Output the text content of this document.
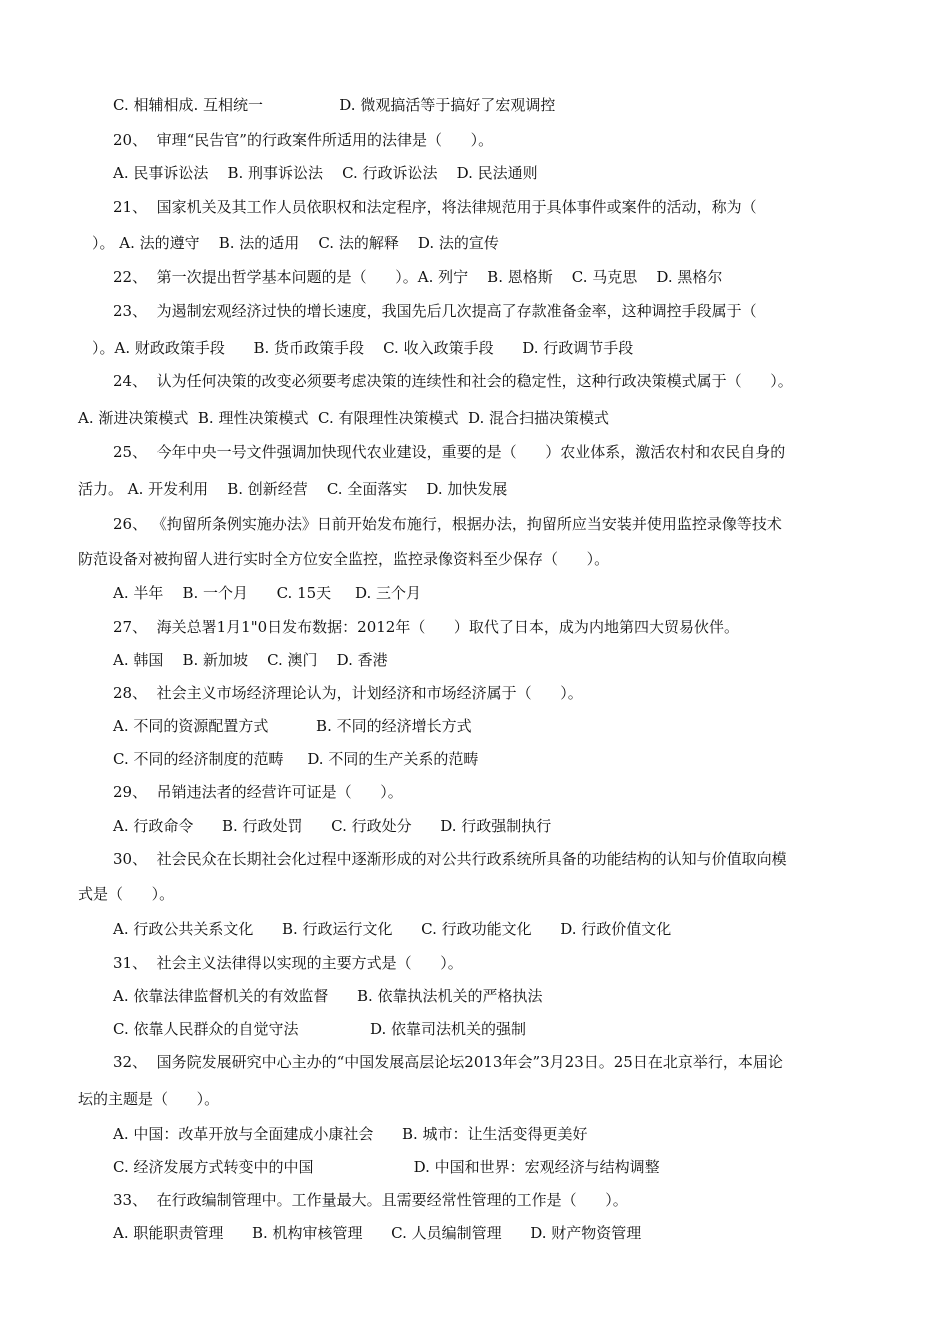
C. 相辅相成. 互相统一                D. 微观搞活等于搞好了宏观调控
20、  审理“民告官”的行政案件所适用的法律是（      ）。
A. 民事诉讼法    B. 刑事诉讼法    C. 行政诉讼法    D. 民法通则
21、  国家机关及其工作人员依职权和法定程序，将法律规范用于具体事件或案件的活动，称为（
）。 A. 法的遵守    B. 法的适用    C. 法的解释    D. 法的宣传
22、  第一次提出哲学基本问题的是（      ）。A. 列宁    B. 恩格斯    C. 马克思    D. 黑格尔
23、  为遏制宏观经济过快的增长速度，我国先后几次提高了存款准备金率，这种调控手段属于（
）。A. 财政政策手段      B. 货币政策手段    C. 收入政策手段      D. 行政调节手段
24、  认为任何决策的改变必须要考虑决策的连续性和社会的稳定性，这种行政决策模式属于（      ）。
A. 渐进决策模式  B. 理性决策模式  C. 有限理性决策模式  D. 混合扫描决策模式
25、  今年中央一号文件强调加快现代农业建设，重要的是（      ）农业体系，激活农村和农民自身的
活力。 A. 开发利用    B. 创新经营    C. 全面落实    D. 加快发展
26、 《拘留所条例实施办法》日前开始发布施行，根据办法，拘留所应当安装并使用监控录像等技术
防范设备对被拘留人进行实时全方位安全监控，监控录像资料至少保存（      ）。
A. 半年    B. 一个月      C. 15天     D. 三个月
27、  海关总署1月1"0日发布数据：2012年（      ）取代了日本，成为内地第四大贸易伙伴。
A. 韩国    B. 新加坡    C. 澳门    D. 香港
28、  社会主义市场经济理论认为，计划经济和市场经济属于（      ）。
A. 不同的资源配置方式          B. 不同的经济增长方式
C. 不同的经济制度的范畴     D. 不同的生产关系的范畴
29、  吊销违法者的经营许可证是（      ）。
A. 行政命令      B. 行政处罚      C. 行政处分      D. 行政强制执行
30、  社会民众在长期社会化过程中逐渐形成的对公共行政系统所具备的功能结构的认知与价值取向模
式是（      ）。
A. 行政公共关系文化      B. 行政运行文化      C. 行政功能文化      D. 行政价值文化
31、  社会主义法律得以实现的主要方式是（      ）。
A. 依靠法律监督机关的有效监督      B. 依靠执法机关的严格执法
C. 依靠人民群众的自觉守法               D. 依靠司法机关的强制
32、  国务院发展研究中心主办的“中国发展高层论坛2013年会”3月23日。25日在北京举行，本届论
坛的主题是（      ）。
A. 中国：改革开放与全面建成小康社会      B. 城市：让生活变得更美好
C. 经济发展方式转变中的中国                     D. 中国和世界：宏观经济与结构调整
33、  在行政编制管理中。工作量最大。且需要经常性管理的工作是（      ）。
A. 职能职责管理      B. 机构审核管理      C. 人员编制管理      D. 财产物资管理
